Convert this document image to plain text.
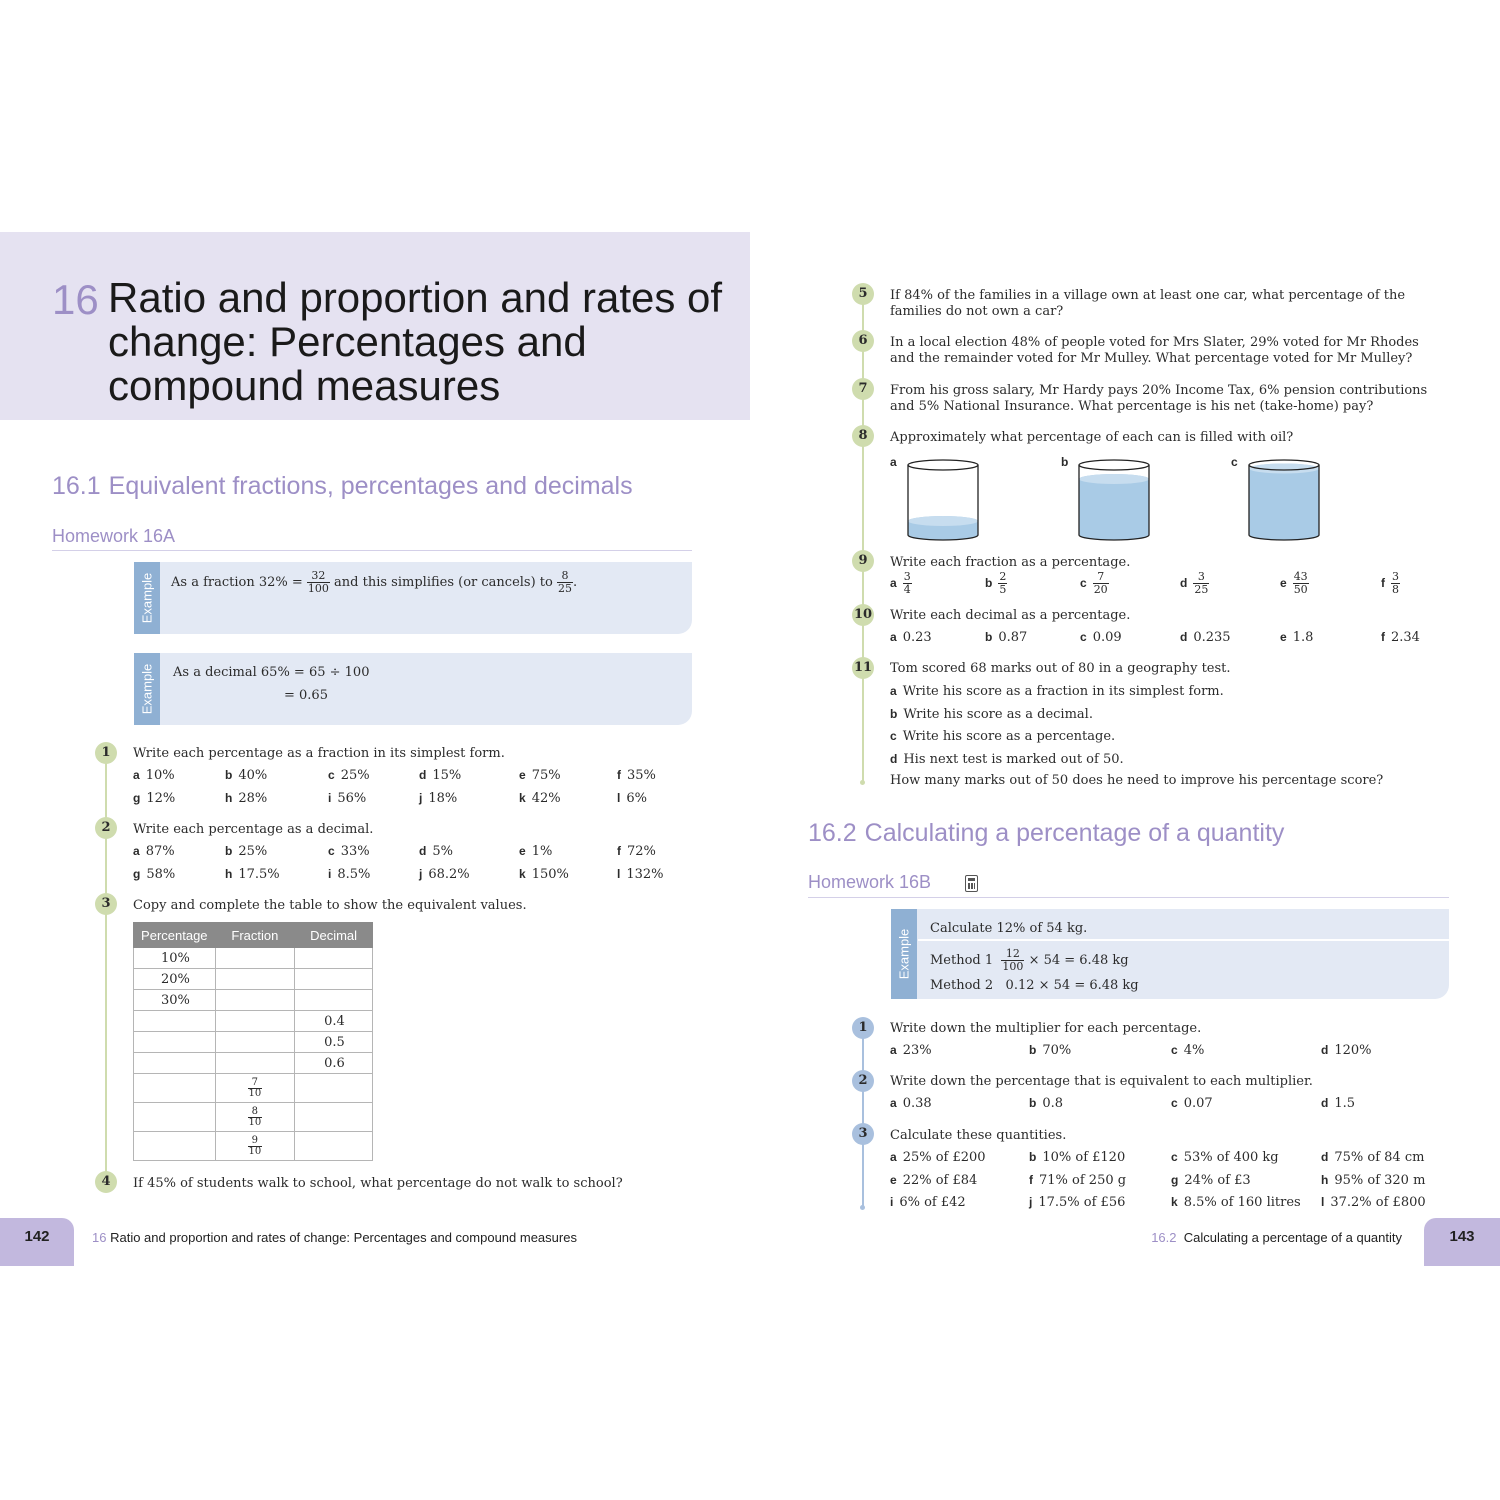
16 Ratio and proportion and rates of change: Percentages and compound measures
16.1 Equivalent fractions, percentages and decimals
Homework 16A
Example As a fraction $32\% = \frac{32}{100}$ and this simplifies (or cancels) to $\frac{8}{25}$ .
Example As a decimal 65% = 65 ÷ 100
= 0.65
1	Write each percentage as a fraction in its simplest form.
a 10%	b 40%	c 25%	d 15%	e 75%	f 35%
g 12%	h 28%	i 56%	j 18%	k 42%	l 6%
2	Write each percentage as a decimal.
a 87%	b 25%	c 33%	d 5%	e 1%	f 72%
g 58%	h 17.5%	i 8.5%	j 68.2%	k 150%	l 132%
3	Copy and complete the table to show the equivalent values.
Percentage	Fraction	Decimal
10%		
20%		
30%		
		0.4
		0.5
		0.6

	$\frac{7}{10}$

	$\frac{8}{10}$

	$\frac{9}{10}$

4	If 45% of students walk to school, what percentage do not walk to school?
5	If 84% of the families in a village own at least one car, what percentage of the families do not own a car?
6	In a local election 48% of people voted for Mrs Slater, 29% voted for Mr Rhodes and the remainder voted for Mr Mulley. What percentage voted for Mr Mulley?
7	From his gross salary, Mr Hardy pays 20% Income Tax, 6% pension contributions and 5% National Insurance. What percentage is his net (take-home) pay?
8	Approximately what percentage of each can is filled with oil?
a	b	c
9	Write each fraction as a percentage.
a $\frac{3}{4}$	b $\frac{2}{5}$	c $\frac{7}{20}$	d $\frac{3}{25}$	e $\frac{43}{50}$	f $\frac{3}{8}$
10 Write each decimal as a percentage.
a 0.23	b 0.87	c 0.09	d 0.235	e 1.8	f 2.34
11 Tom scored 68 marks out of 80 in a geography test.
a Write his score as a fraction in its simplest form.
b Write his score as a decimal.
c Write his score as a percentage.
d His next test is marked out of 50.
How many marks out of 50 does he need to improve his percentage score?
16.2 Calculating a percentage of a quantity
Homework 16B
Example
Calculate 12% of 54 kg.
Method $1 \frac{12}{100} \times 54 = 6.48$ kg
Method 2   0.12 × 54 = 6.48 kg
1	Write down the multiplier for each percentage.
a 23%	b 70%	c 4%	d 120%
2	Write down the percentage that is equivalent to each multiplier.
a 0.38	b 0.8	c 0.07	d 1.5
3	Calculate these quantities.
a 25% of £200	b 10% of £120	c 53% of 400 kg	d 75% of 84 cm
e 22% of £84	f 71% of 250 g	g 24% of £3	h 95% of 320 m
i 6% of £42	j 17.5% of £56	k 8.5% of 160 litres l 37.2% of £800
142	16 Ratio and proportion and rates of change: Percentages and compound measures	16.2 Calculating a percentage of a quantity	143
